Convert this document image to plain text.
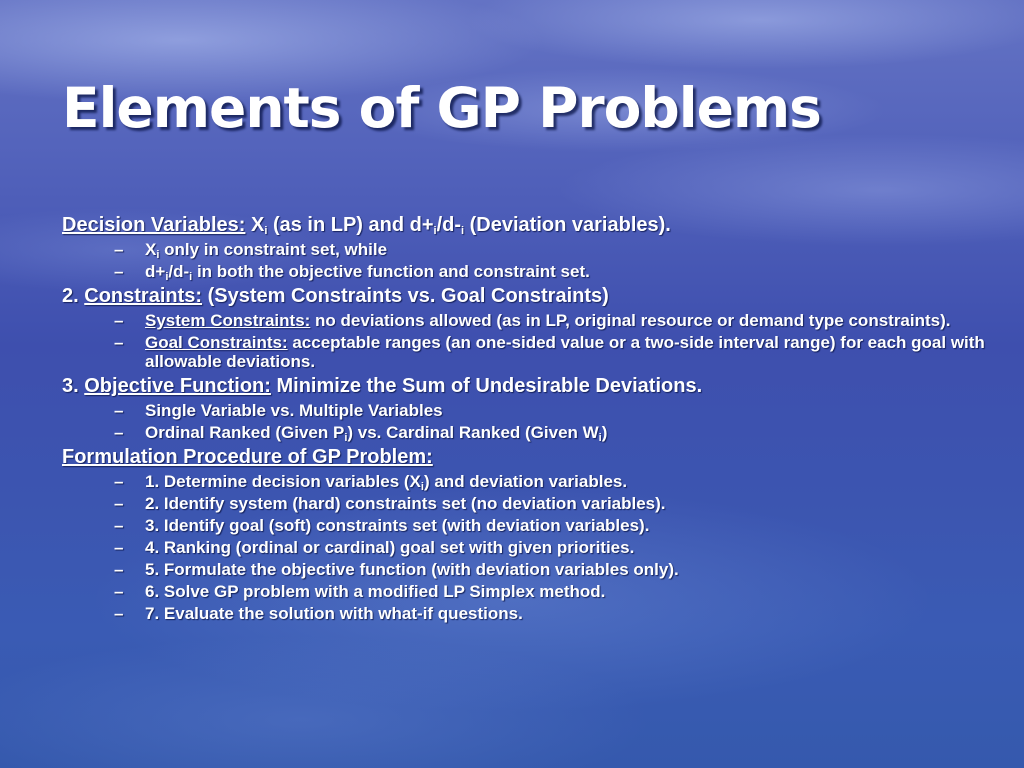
Elements of GP Problems
Decision Variables: $X_i$ (as in LP) and $d+_i/d-_i$ (Deviation variables).
– $X_i$ only in constraint set, while
– $d+_i/d-_i$ in both the objective function and constraint set.
2. Constraints: (System Constraints vs. Goal Constraints)
– System Constraints: no deviations allowed (as in LP, original resource or demand type constraints).
– Goal Constraints: acceptable ranges (an one-sided value or a two-side interval range) for each goal with allowable deviations.
3. Objective Function: Minimize the Sum of Undesirable Deviations.
– Single Variable vs. Multiple Variables
– Ordinal Ranked (Given $P_i$) vs. Cardinal Ranked (Given $W_i$)
Formulation Procedure of GP Problem:
– 1. Determine decision variables $(X_i)$ and deviation variables.
– 2. Identify system (hard) constraints set (no deviation variables).
– 3. Identify goal (soft) constraints set (with deviation variables).
– 4. Ranking (ordinal or cardinal) goal set with given priorities.
– 5. Formulate the objective function (with deviation variables only).
– 6. Solve GP problem with a modified LP Simplex method.
– 7. Evaluate the solution with what-if questions.
